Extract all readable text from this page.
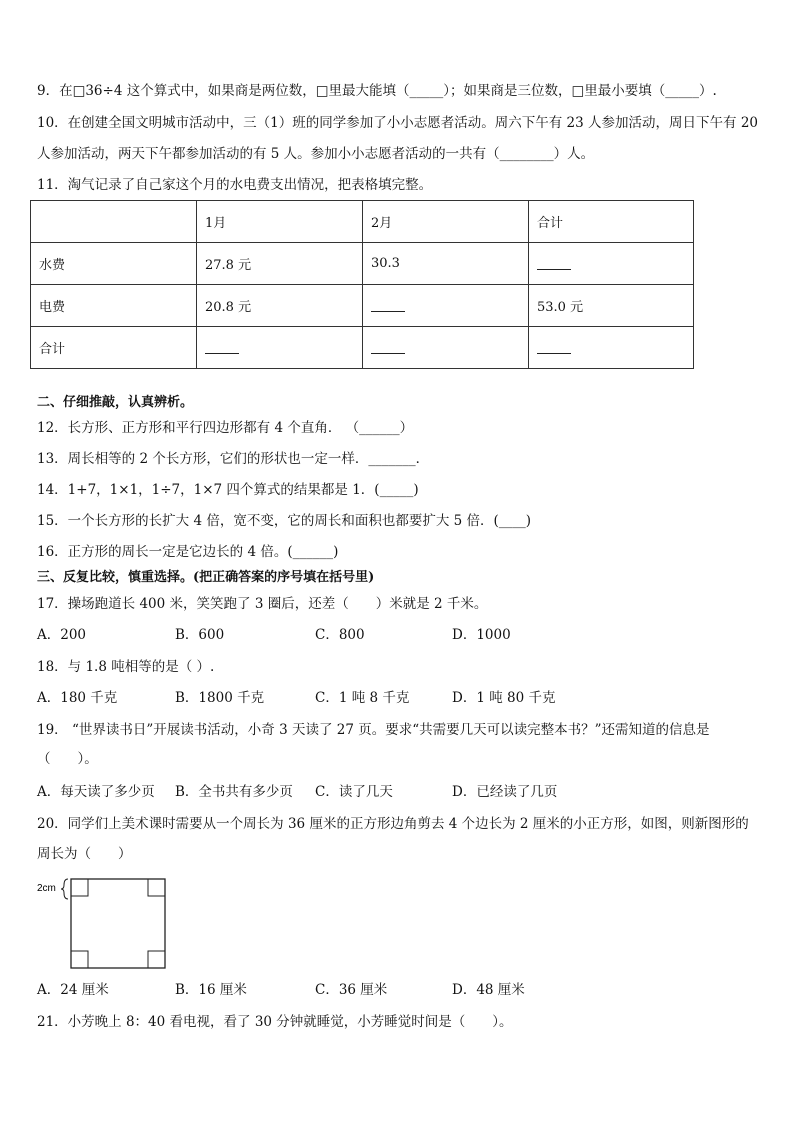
9．在□36÷4 这个算式中，如果商是两位数，□里最大能填（_____）；如果商是三位数，□里最小要填（_____）.
10．在创建全国文明城市活动中，三（1）班的同学参加了小小志愿者活动。周六下午有 23 人参加活动，周日下午有 20
人参加活动，两天下午都参加活动的有 5 人。参加小小志愿者活动的一共有（________）人。
11．淘气记录了自己家这个月的水电费支出情况，把表格填完整。
	1月	2月	合计
水费	27.8 元	30.3	
电费	20.8 元		53.0 元
合计			
二、仔细推敲，认真辨析。
12．长方形、正方形和平行四边形都有 4 个直角． （______）
13．周长相等的 2 个长方形，它们的形状也一定一样．_______．
14．1+7，1×1，1÷7，1×7 四个算式的结果都是 1．(_____)
15．一个长方形的长扩大 4 倍，宽不变，它的周长和面积也都要扩大 5 倍．(____)
16．正方形的周长一定是它边长的 4 倍。(______)
三、反复比较，慎重选择。(把正确答案的序号填在括号里)
17．操场跑道长 400 米，笑笑跑了 3 圈后，还差（　　）米就是 2 千米。
A．200	B．600	C．800	D．1000
18．与 1.8 吨相等的是（ ）.
A．180 千克	B．1800 千克	C．1 吨 8 千克	D．1 吨 80 千克
19． “世界读书日”开展读书活动，小奇 3 天读了 27 页。要求“共需要几天可以读完整本书？”还需知道的信息是
（　　）。
A．每天读了多少页 B．全书共有多少页 C．读了几天	D．已经读了几页
20．同学们上美术课时需要从一个周长为 36 厘米的正方形边角剪去 4 个边长为 2 厘米的小正方形，如图，则新图形的
周长为（　　）
2cm
A．24 厘米	B．16 厘米	C．36 厘米	D．48 厘米
21．小芳晚上 8：40 看电视，看了 30 分钟就睡觉，小芳睡觉时间是（　　）。
